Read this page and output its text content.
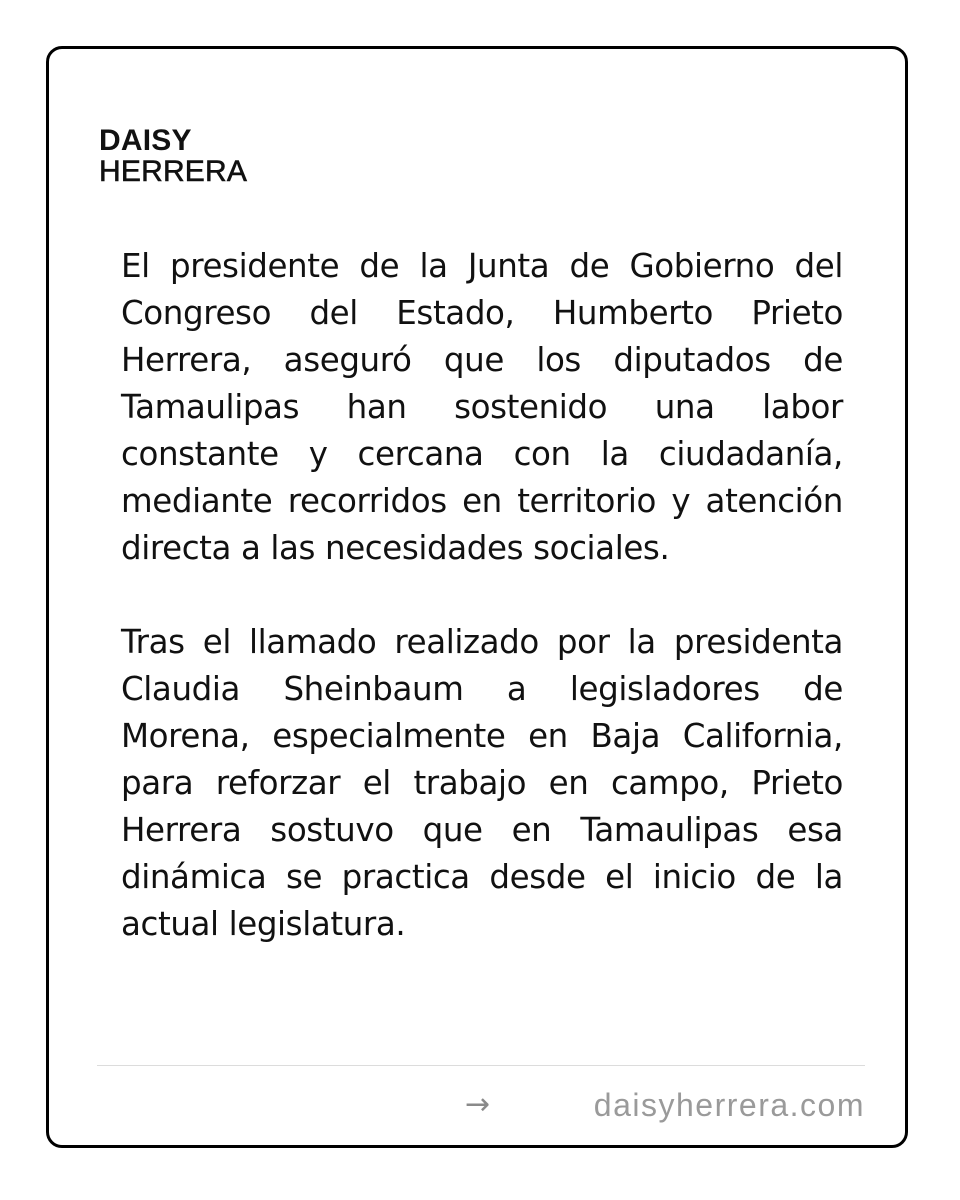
DAISY
HERRERA

El presidente de la Junta de Gobierno del Congreso del Estado, Humberto Prieto Herrera, aseguró que los diputados de Tamaulipas han sostenido una labor constante y cercana con la ciudadanía, mediante recorridos en territorio y atención directa a las necesidades sociales.

Tras el llamado realizado por la presidenta Claudia Sheinbaum a legisladores de Morena, especialmente en Baja California, para reforzar el trabajo en campo, Prieto Herrera sostuvo que en Tamaulipas esa dinámica se practica desde el inicio de la actual legislatura.

→	daisyherrera.com
